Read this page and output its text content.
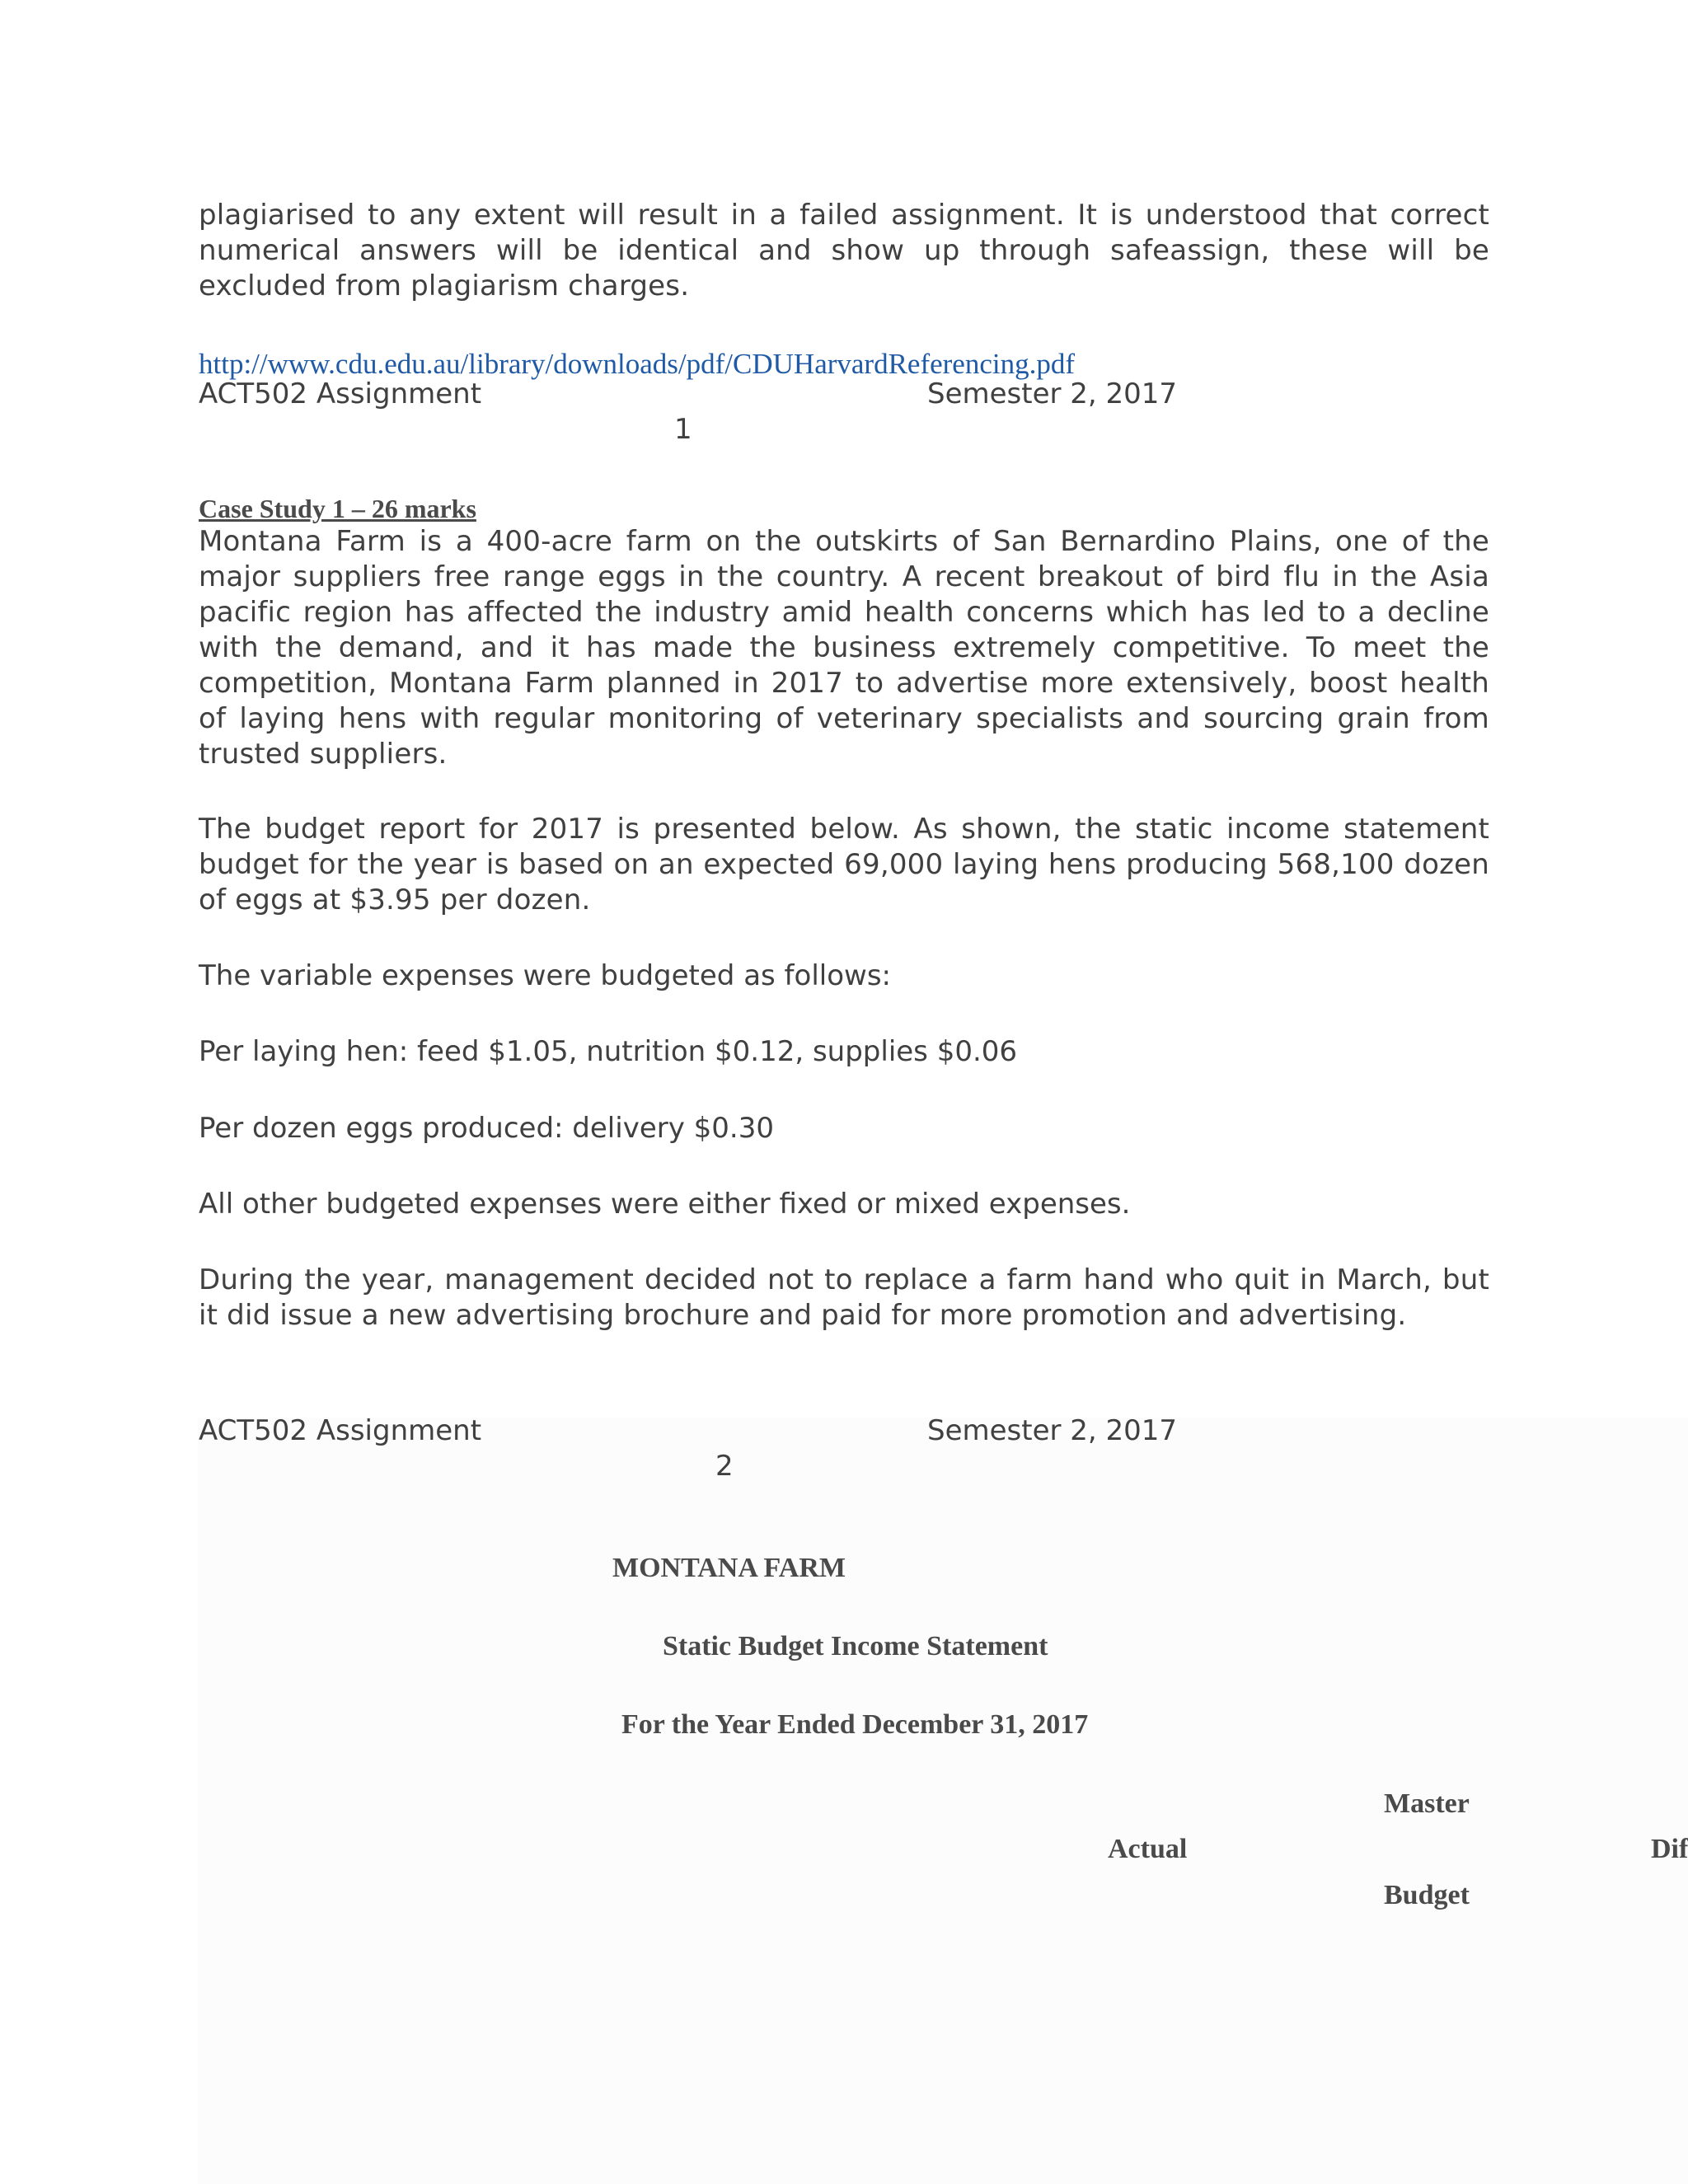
plagiarised to any extent will result in a failed assignment. It is understood that correct numerical answers will be identical and show up through safeassign, these will be excluded from plagiarism charges.

http://www.cdu.edu.au/library/downloads/pdf/CDUHarvardReferencing.pdf
ACT502 Assignment	Semester 2, 2017
1
Case Study 1 – 26 marks

Montana Farm is a 400-acre farm on the outskirts of San Bernardino Plains, one of the major suppliers free range eggs in the country. A recent breakout of bird flu in the Asia pacific region has affected the industry amid health concerns which has led to a decline with the demand, and it has made the business extremely competitive. To meet the competition, Montana Farm planned in 2017 to advertise more extensively, boost health of laying hens with regular monitoring of veterinary specialists and sourcing grain from trusted suppliers.

The budget report for 2017 is presented below. As shown, the static income statement budget for the year is based on an expected 69,000 laying hens producing 568,100 dozen of eggs at $3.95 per dozen.

The variable expenses were budgeted as follows:
Per laying hen: feed $1.05, nutrition $0.12, supplies $0.06
Per dozen eggs produced: delivery $0.30
All other budgeted expenses were either fixed or mixed expenses.

During the year, management decided not to replace a farm hand who quit in March, but it did issue a new advertising brochure and paid for more promotion and advertising.

ACT502 Assignment	Semester 2, 2017
2
MONTANA FARM
Static Budget Income Statement
For the Year Ended December 31, 2017
Master
Actual	Dif
Budget
